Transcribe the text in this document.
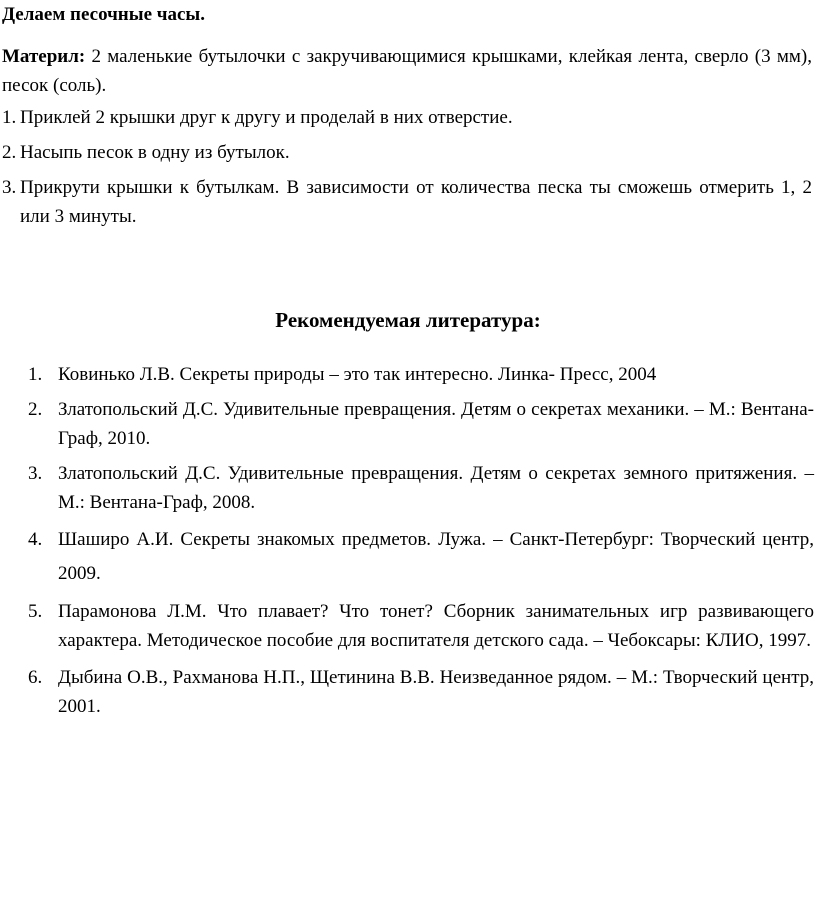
Делаем песочные часы.
Материл: 2 маленькие бутылочки с закручивающимися крышками, клейкая лента, сверло (3 мм), песок (соль).
1. Приклей 2 крышки друг к другу и проделай в них отверстие.
2. Насыпь песок в одну из бутылок.
3. Прикрути крышки к бутылкам. В зависимости от количества песка ты сможешь отмерить 1, 2 или 3 минуты.
Рекомендуемая литература:
1. Ковинько Л.В. Секреты природы – это так интересно. Линка- Пресс, 2004
2. Златопольский Д.С. Удивительные превращения. Детям о секретах механики. – М.: Вентана-Граф, 2010.
3. Златопольский Д.С. Удивительные превращения. Детям о секретах земного притяжения. – М.: Вентана-Граф, 2008.
4. Шаширо А.И. Секреты знакомых предметов. Лужа. – Санкт-Петербург: Творческий центр, 2009.
5. Парамонова Л.М. Что плавает? Что тонет? Сборник занимательных игр развивающего характера. Методическое пособие для воспитателя детского сада. – Чебоксары: КЛИО, 1997.
6. Дыбина О.В., Рахманова Н.П., Щетинина В.В. Неизведанное рядом. – М.: Творческий центр, 2001.
